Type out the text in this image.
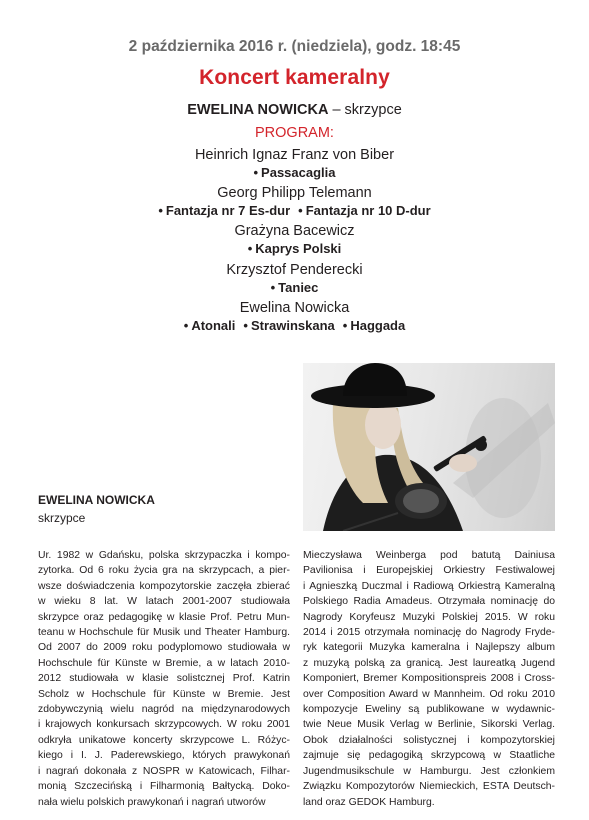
2 października 2016 r. (niedziela), godz. 18:45
Koncert kameralny
EWELINA NOWICKA – skrzypce
PROGRAM:
Heinrich Ignaz Franz von Biber
• Passacaglia
Georg Philipp Telemann
• Fantazja nr 7 Es-dur • Fantazja nr 10 D-dur
Grażyna Bacewicz
• Kaprys Polski
Krzysztof Penderecki
• Taniec
Ewelina Nowicka
• Atonali • Strawinskana • Haggada
EWELINA NOWICKA
skrzypce
Ur. 1982 w Gdańsku, polska skrzypaczka i kompo-
zytorka. Od 6 roku życia gra na skrzypcach, a pier-
wsze doświadczenia kompozytorskie zaczęła zbierać
w wieku 8 lat. W latach 2001-2007 studiowała
skrzypce oraz pedagogikę w klasie Prof. Petru Mun-
teanu w Hochschule für Musik und Theater Hamburg.
Od 2007 do 2009 roku podyplomowo studiowała w
Hochschule für Künste w Bremie, a w latach 2010-
2012 studiowała w klasie solistcznej Prof. Katrin
Scholz w Hochschule für Künste w Bremie. Jest
zdobywczynią wielu nagród na międzynarodowych
i krajowych konkursach skrzypcowych. W roku 2001
odkryła unikatowe koncerty skrzypcowe L. Różyc-
kiego i I. J. Paderewskiego, których prawykonań
i nagrań dokonała z NOSPR w Katowicach, Filhar-
monią Szczecińską i Filharmonią Bałtycką. Doko-
nała wielu polskich prawykonań i nagrań utworów
Mieczysława Weinberga pod batutą Dainiusa
Pavilionisa i Europejskiej Orkiestry Festiwalowej
i Agnieszką Duczmal i Radiową Orkiestrą Kameralną
Polskiego Radia Amadeus. Otrzymała nominację do
Nagrody Koryfeusz Muzyki Polskiej 2015. W roku
2014 i 2015 otrzymała nominację do Nagrody Fryde-
ryk kategorii Muzyka kameralna i Najlepszy album
z muzyką polską za granicą. Jest laureatką Jugend
Komponiert, Bremer Kompositionspreis 2008 i Cross-
over Composition Award w Mannheim. Od roku 2010
kompozycje Eweliny są publikowane w wydawnic-
twie Neue Musik Verlag w Berlinie, Sikorski Verlag.
Obok działalności solistycznej i kompozytorskiej
zajmuje się pedagogiką skrzypcową w Staatliche
Jugendmusikschule w Hamburgu. Jest członkiem
Związku Kompozytorów Niemieckich, ESTA Deutsch-
land oraz GEDOK Hamburg.
